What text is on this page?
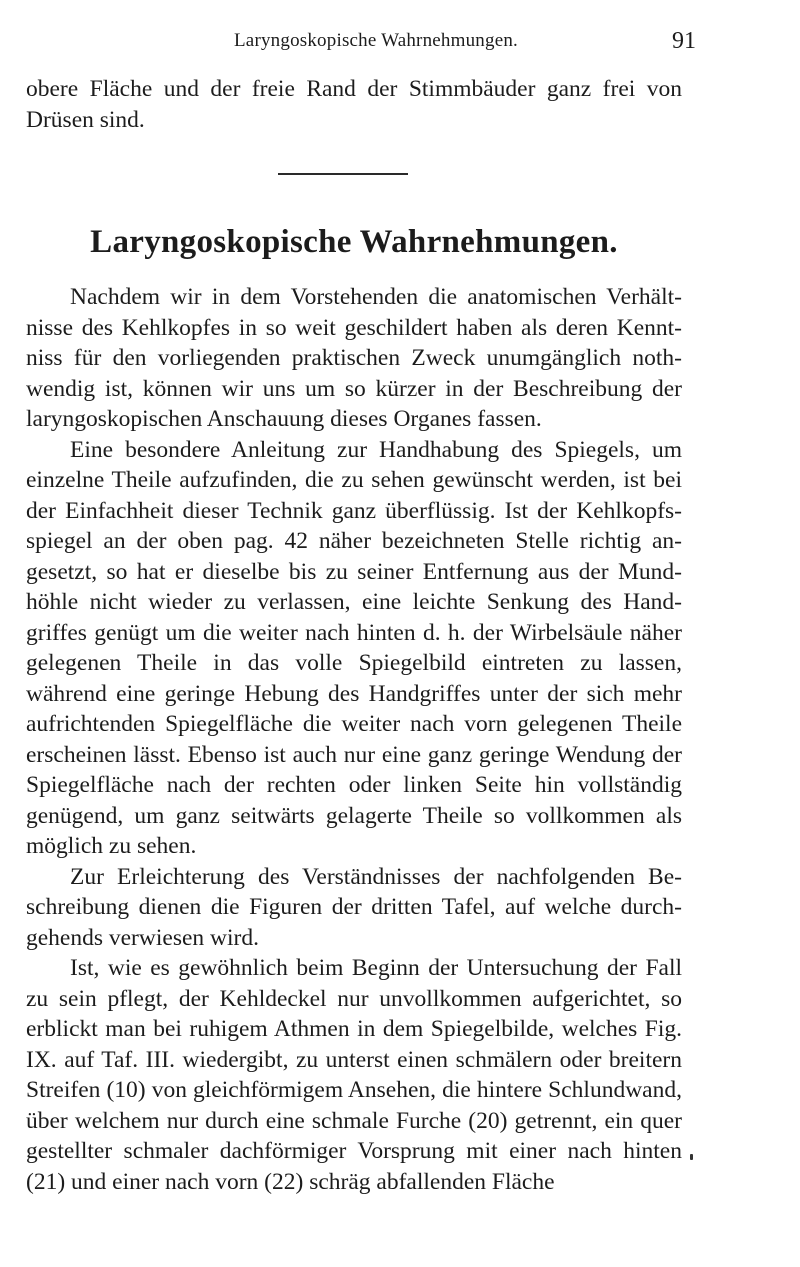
Laryngoskopische Wahrnehmungen.	91

obere Fläche und der freie Rand der Stimmbäuder ganz frei von Drüsen sind.

Laryngoskopische Wahrnehmungen.

Nachdem wir in dem Vorstehenden die anatomischen Verhältnisse des Kehlkopfes in so weit geschildert haben als deren Kenntniss für den vorliegenden praktischen Zweck unumgänglich nothwendig ist, können wir uns um so kürzer in der Beschreibung der laryngoskopischen Anschauung dieses Organes fassen.

Eine besondere Anleitung zur Handhabung des Spiegels, um einzelne Theile aufzufinden, die zu sehen gewünscht werden, ist bei der Einfachheit dieser Technik ganz überflüssig. Ist der Kehlkopfsspiegel an der oben pag. 42 näher bezeichneten Stelle richtig angesetzt, so hat er dieselbe bis zu seiner Entfernung aus der Mundhöhle nicht wieder zu verlassen, eine leichte Senkung des Handgriffes genügt um die weiter nach hinten d. h. der Wirbelsäule näher gelegenen Theile in das volle Spiegelbild eintreten zu lassen, während eine geringe Hebung des Handgriffes unter der sich mehr aufrichtenden Spiegelfläche die weiter nach vorn gelegenen Theile erscheinen lässt. Ebenso ist auch nur eine ganz geringe Wendung der Spiegelfläche nach der rechten oder linken Seite hin vollständig genügend, um ganz seitwärts gelagerte Theile so vollkommen als möglich zu sehen.

Zur Erleichterung des Verständnisses der nachfolgenden Beschreibung dienen die Figuren der dritten Tafel, auf welche durchgehends verwiesen wird.

Ist, wie es gewöhnlich beim Beginn der Untersuchung der Fall zu sein pflegt, der Kehldeckel nur unvollkommen aufgerichtet, so erblickt man bei ruhigem Athmen in dem Spiegelbilde, welches Fig. IX. auf Taf. III. wiedergibt, zu unterst einen schmälern oder breitern Streifen (10) von gleichförmigem Ansehen, die hintere Schlundwand, über welchem nur durch eine schmale Furche (20) getrennt, ein quer gestellter schmaler dachförmiger Vorsprung mit einer nach hinten (21) und einer nach vorn (22) schräg abfallenden Fläche
